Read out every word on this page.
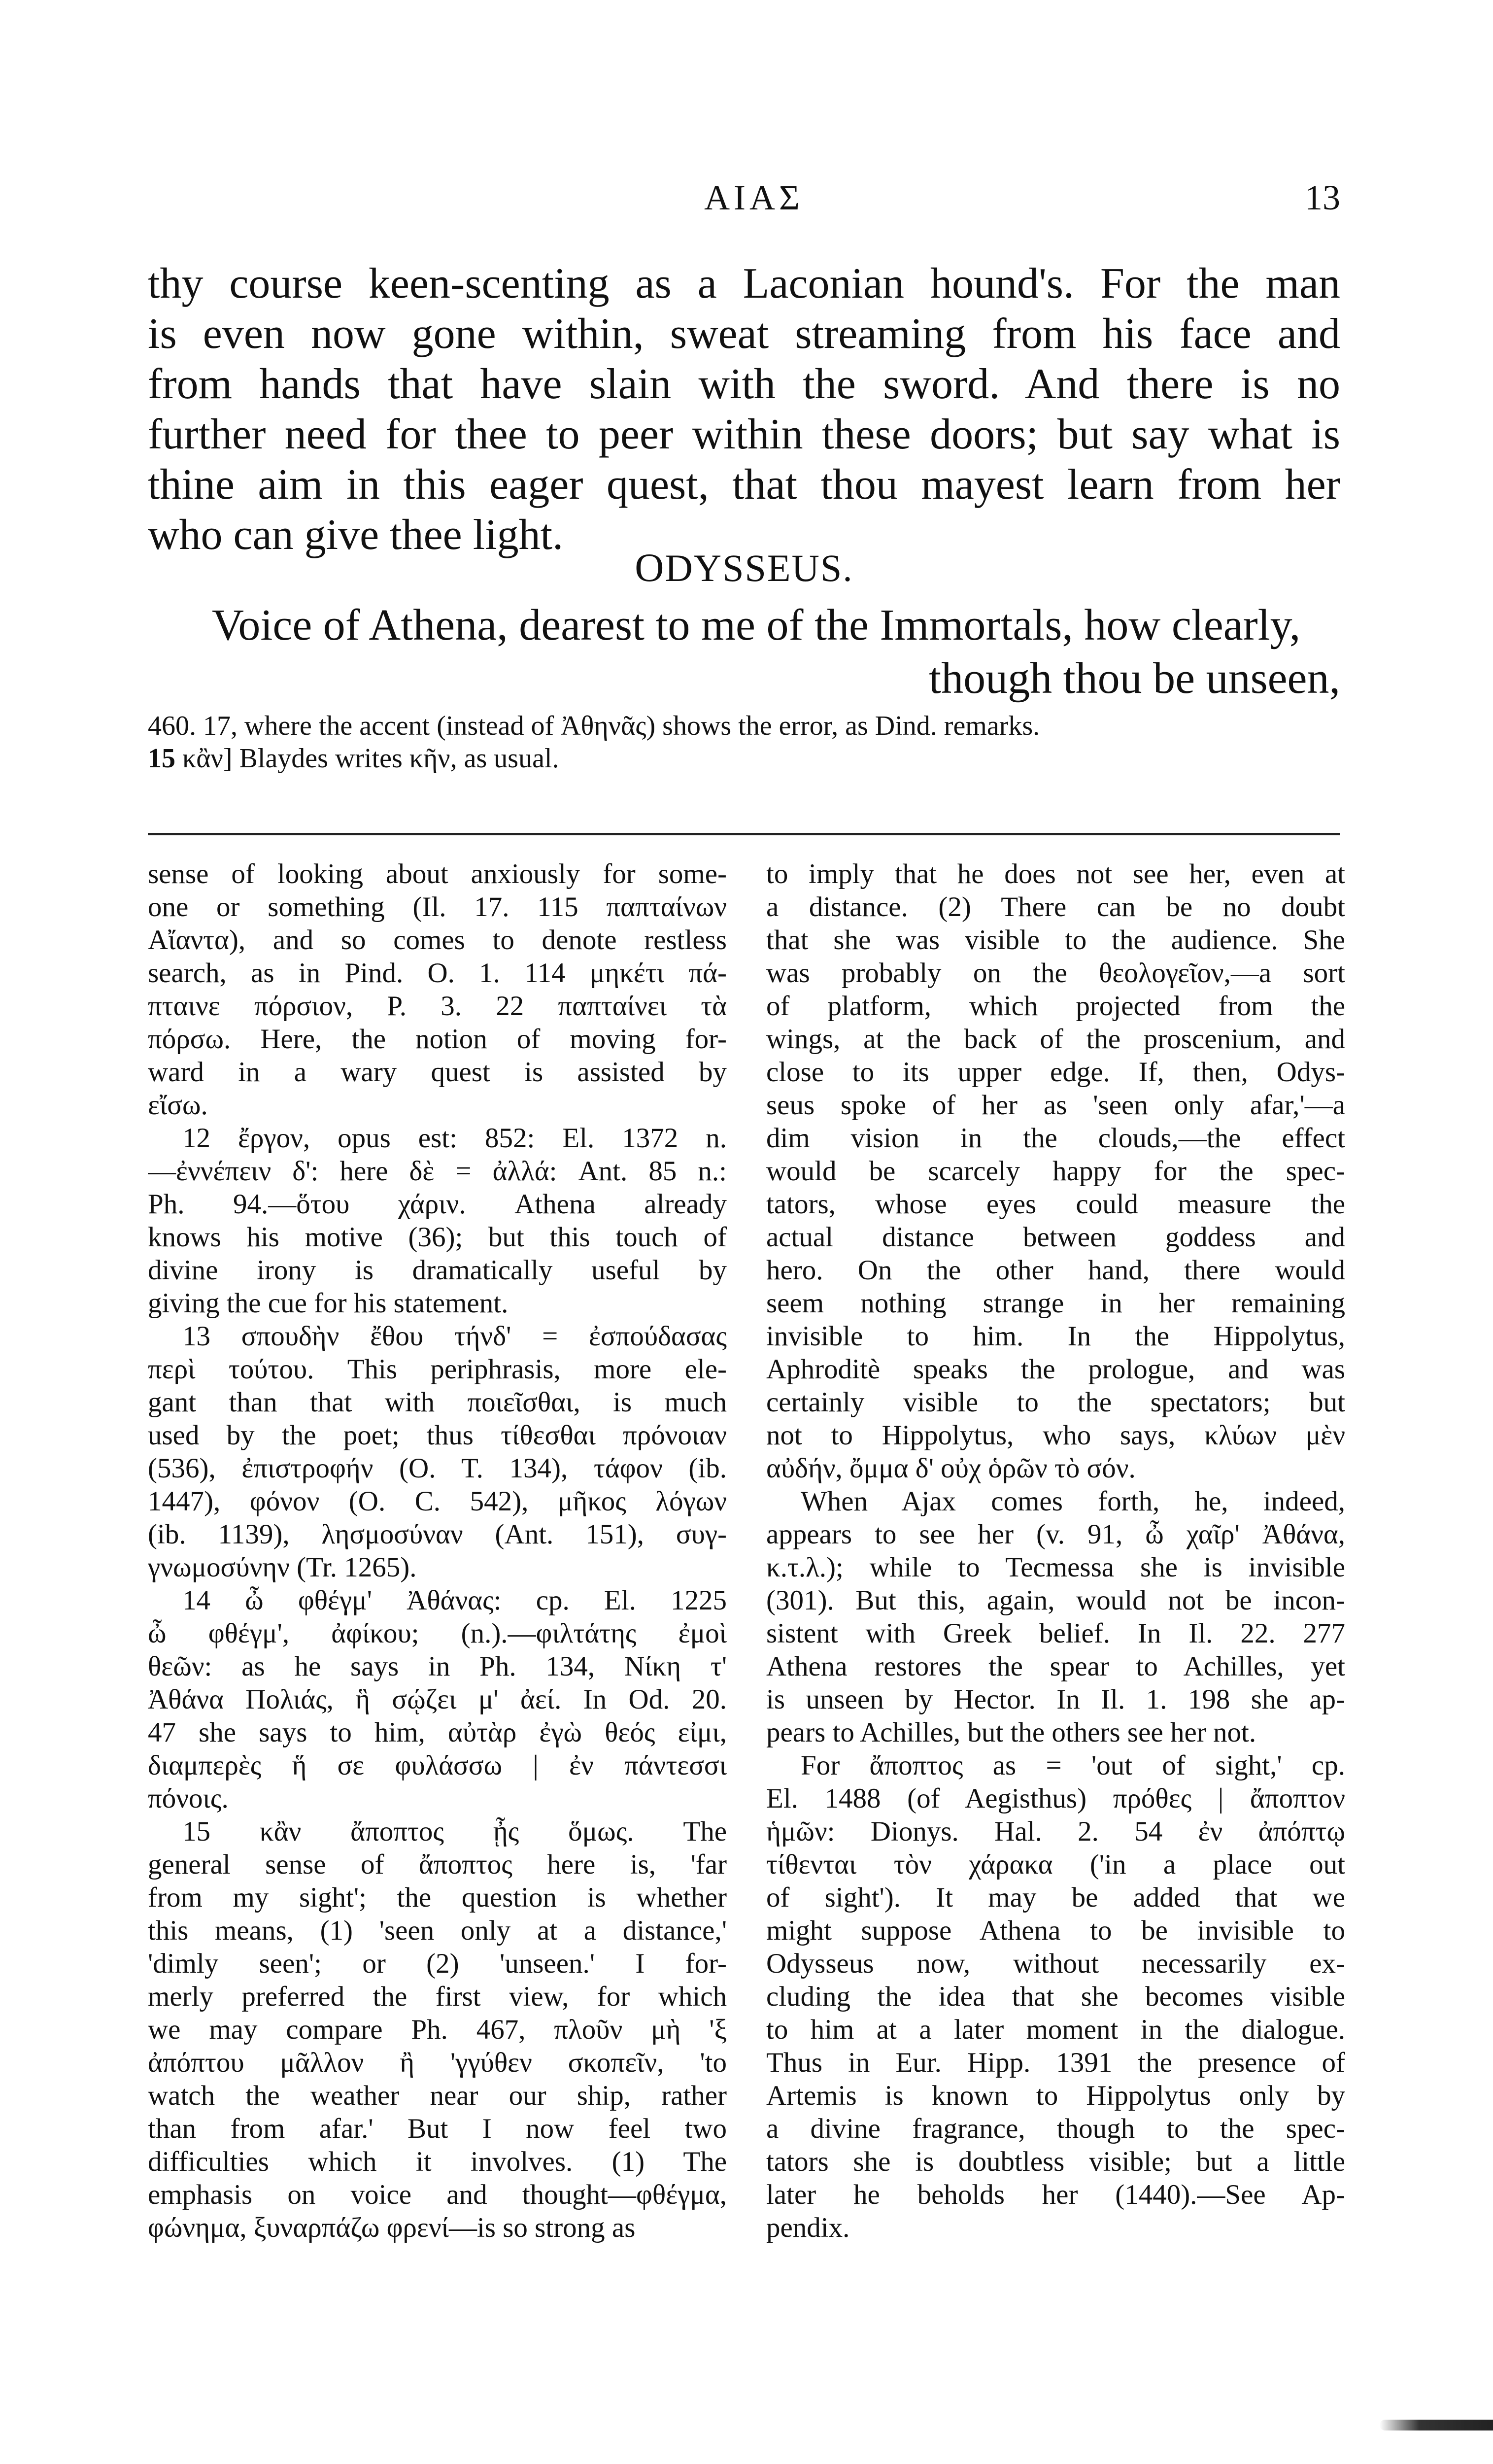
ΑΙΑΣ	13
thy course keen-scenting as a Laconian hound's. For the man
is even now gone within, sweat streaming from his face and
from hands that have slain with the sword. And there is no
further need for thee to peer within these doors; but say what is
thine aim in this eager quest, that thou mayest learn from her
who can give thee light.
ODYSSEUS.
Voice of Athena, dearest to me of the Immortals, how clearly,
though thou be unseen,
460. 17, where the accent (instead of Ἀθηνᾶς) shows the error, as Dind. remarks.
15 κἂν] Blaydes writes κῆν, as usual.
sense of looking about anxiously for some-
one or something (Il. 17. 115 παπταίνων
Αἴαντα), and so comes to denote restless
search, as in Pind. O. 1. 114 μηκέτι πά-
πταινε πόρσιον, P. 3. 22 παπταίνει τὰ
πόρσω. Here, the notion of moving for-
ward in a wary quest is assisted by
εἴσω.
12 ἔργον, opus est: 852: El. 1372 n.
—ἐννέπειν δ': here δὲ = ἀλλά: Ant. 85 n.:
Ph. 94.—ὅτου χάριν. Athena already
knows his motive (36); but this touch of
divine irony is dramatically useful by
giving the cue for his statement.
13 σπουδὴν ἔθου τήνδ' = ἐσπούδασας
περὶ τούτου. This periphrasis, more ele-
gant than that with ποιεῖσθαι, is much
used by the poet; thus τίθεσθαι πρόνοιαν
(536), ἐπιστροφήν (O. T. 134), τάφον (ib.
1447), φόνον (O. C. 542), μῆκος λόγων
(ib. 1139), λησμοσύναν (Ant. 151), συγ-
γνωμοσύνην (Tr. 1265).
14 ὦ φθέγμ' Ἀθάνας: cp. El. 1225
ὦ φθέγμ', ἀφίκου; (n.).—φιλτάτης ἐμοὶ
θεῶν: as he says in Ph. 134, Νίκη τ'
Ἀθάνα Πολιάς, ἣ σῴζει μ' ἀεί. In Od. 20.
47 she says to him, αὐτὰρ ἐγὼ θεός εἰμι,
διαμπερὲς ἥ σε φυλάσσω | ἐν πάντεσσι
πόνοις.
15 κἂν ἄποπτος ᾖς ὅμως. The
general sense of ἄποπτος here is, 'far
from my sight'; the question is whether
this means, (1) 'seen only at a distance,'
'dimly seen'; or (2) 'unseen.' I for-
merly preferred the first view, for which
we may compare Ph. 467, πλοῦν μὴ 'ξ
ἀπόπτου μᾶλλον ἢ 'γγύθεν σκοπεῖν, 'to
watch the weather near our ship, rather
than from afar.' But I now feel two
difficulties which it involves. (1) The
emphasis on voice and thought—φθέγμα,
φώνημα, ξυναρπάζω φρενί—is so strong as
to imply that he does not see her, even at
a distance. (2) There can be no doubt
that she was visible to the audience. She
was probably on the θεολογεῖον,—a sort
of platform, which projected from the
wings, at the back of the proscenium, and
close to its upper edge. If, then, Odys-
seus spoke of her as 'seen only afar,'—a
dim vision in the clouds,—the effect
would be scarcely happy for the spec-
tators, whose eyes could measure the
actual distance between goddess and
hero. On the other hand, there would
seem nothing strange in her remaining
invisible to him. In the Hippolytus,
Aphroditè speaks the prologue, and was
certainly visible to the spectators; but
not to Hippolytus, who says, κλύων μὲν
αὐδήν, ὄμμα δ' οὐχ ὁρῶν τὸ σόν.
When Ajax comes forth, he, indeed,
appears to see her (v. 91, ὦ χαῖρ' Ἀθάνα,
κ.τ.λ.); while to Tecmessa she is invisible
(301). But this, again, would not be incon-
sistent with Greek belief. In Il. 22. 277
Athena restores the spear to Achilles, yet
is unseen by Hector. In Il. 1. 198 she ap-
pears to Achilles, but the others see her not.
For ἄποπτος as = 'out of sight,' cp.
El. 1488 (of Aegisthus) πρόθες | ἄποπτον
ἡμῶν: Dionys. Hal. 2. 54 ἐν ἀπόπτῳ
τίθενται τὸν χάρακα ('in a place out
of sight'). It may be added that we
might suppose Athena to be invisible to
Odysseus now, without necessarily ex-
cluding the idea that she becomes visible
to him at a later moment in the dialogue.
Thus in Eur. Hipp. 1391 the presence of
Artemis is known to Hippolytus only by
a divine fragrance, though to the spec-
tators she is doubtless visible; but a little
later he beholds her (1440).—See Ap-
pendix.
